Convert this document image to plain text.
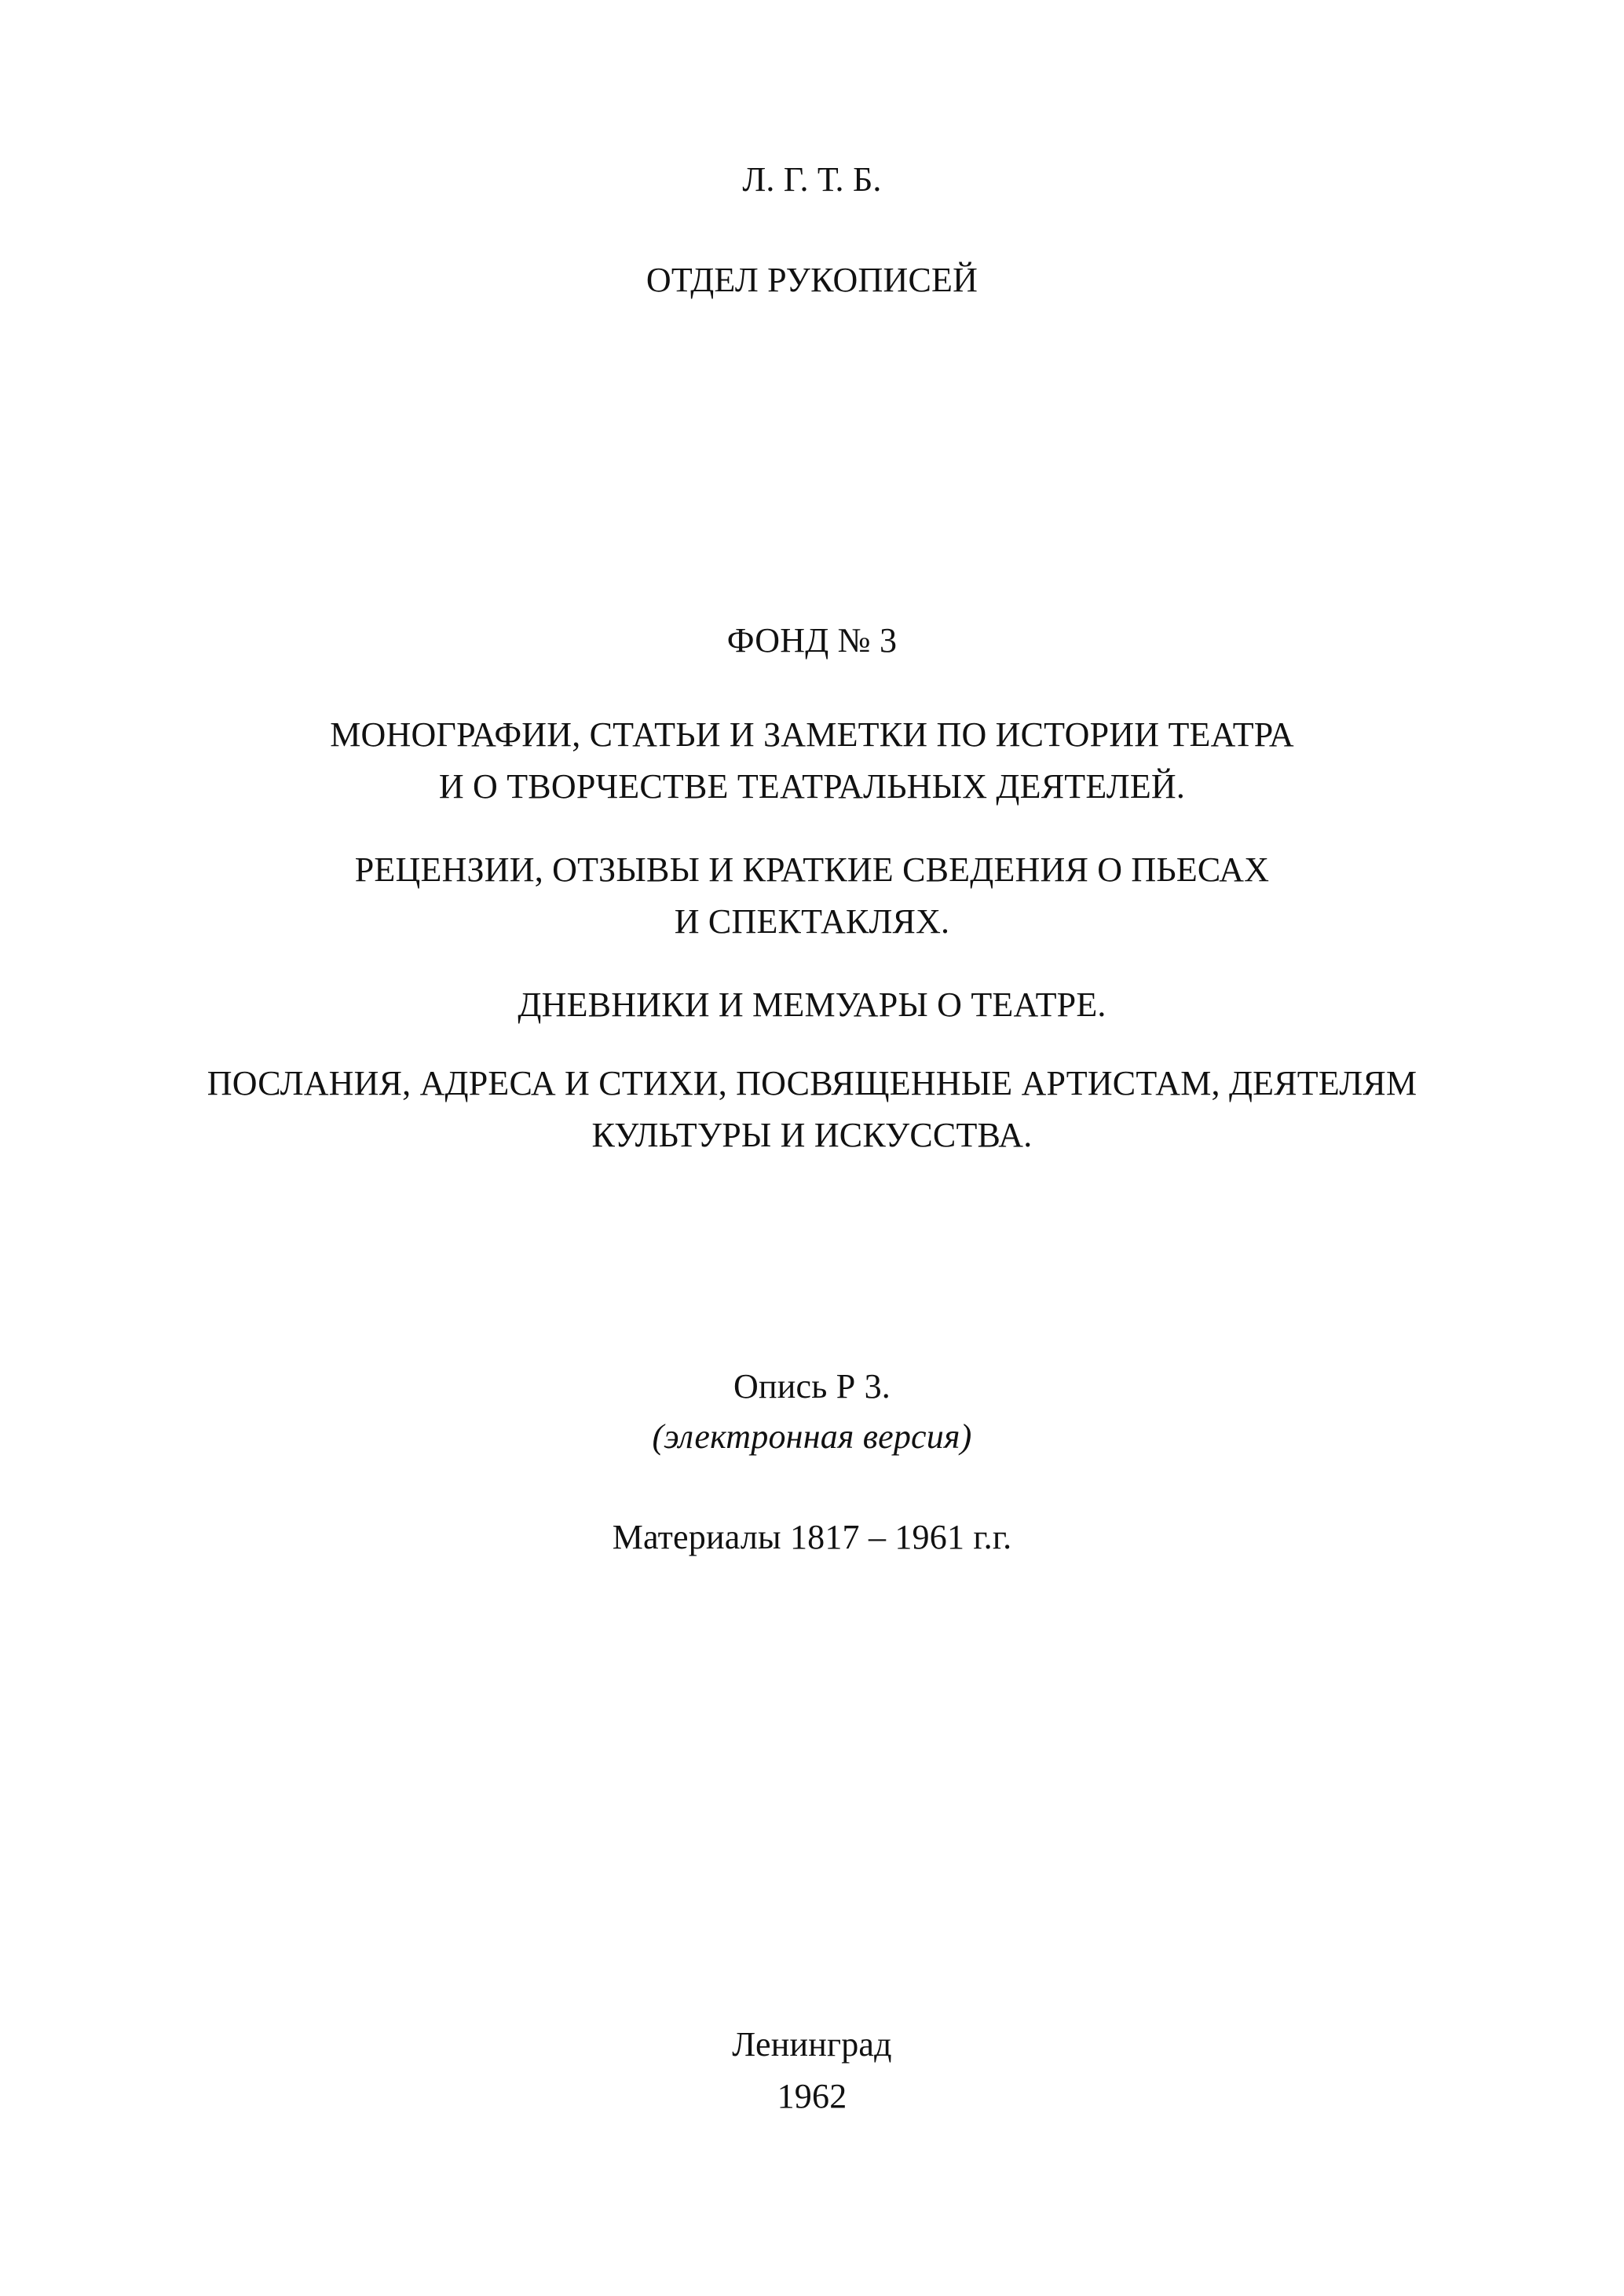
Л. Г. Т. Б.
ОТДЕЛ РУКОПИСЕЙ
ФОНД № 3
МОНОГРАФИИ, СТАТЬИ И ЗАМЕТКИ ПО ИСТОРИИ ТЕАТРА
И О ТВОРЧЕСТВЕ ТЕАТРАЛЬНЫХ ДЕЯТЕЛЕЙ.
РЕЦЕНЗИИ, ОТЗЫВЫ И КРАТКИЕ СВЕДЕНИЯ О ПЬЕСАХ
И СПЕКТАКЛЯХ.
ДНЕВНИКИ И МЕМУАРЫ О ТЕАТРЕ.
ПОСЛАНИЯ, АДРЕСА И СТИХИ, ПОСВЯЩЕННЫЕ АРТИСТАМ, ДЕЯТЕЛЯМ
КУЛЬТУРЫ И ИСКУССТВА.
Опись Р 3.
(электронная версия)
Материалы 1817 – 1961 г.г.
Ленинград
1962
